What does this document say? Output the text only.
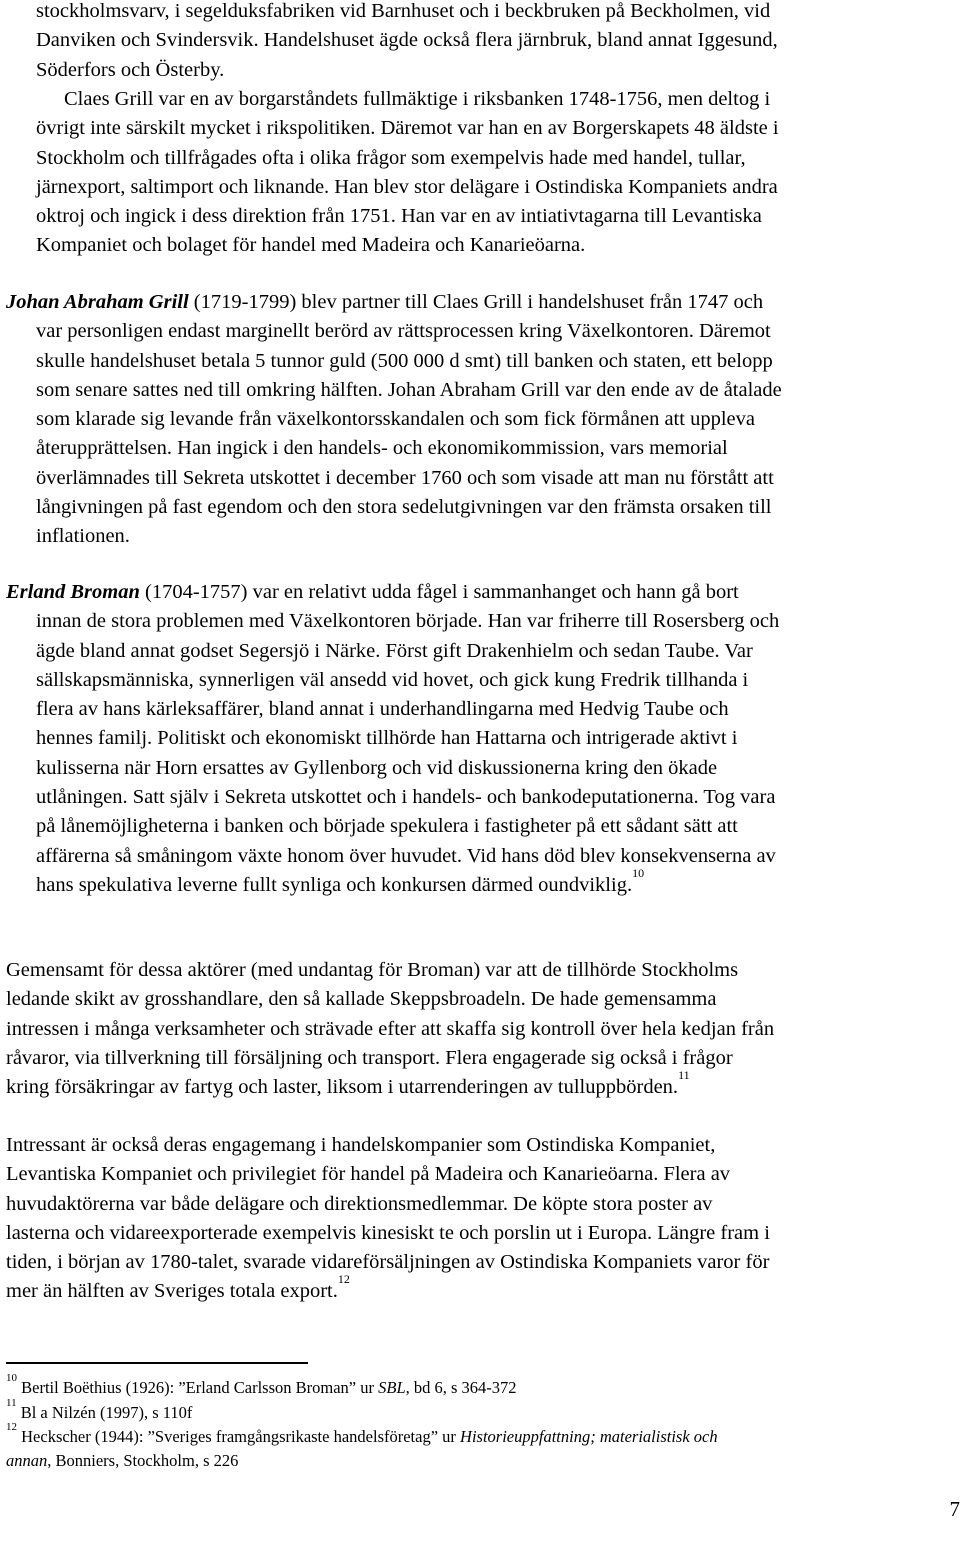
stockholmsvarv, i segelduksfabriken vid Barnhuset och i beckbruken på Beckholmen, vid
Danviken och Svindersvik. Handelshuset ägde också flera järnbruk, bland annat Iggesund,
Söderfors och Österby.
Claes Grill var en av borgarståndets fullmäktige i riksbanken 1748-1756, men deltog i
övrigt inte särskilt mycket i rikspolitiken. Däremot var han en av Borgerskapets 48 äldste i
Stockholm och tillfrågades ofta i olika frågor som exempelvis hade med handel, tullar,
järnexport, saltimport och liknande. Han blev stor delägare i Ostindiska Kompaniets andra
oktroj och ingick i dess direktion från 1751. Han var en av intiativtagarna till Levantiska
Kompaniet och bolaget för handel med Madeira och Kanarieöarna.
Johan Abraham Grill (1719-1799) blev partner till Claes Grill i handelshuset från 1747 och
var personligen endast marginellt berörd av rättsprocessen kring Växelkontoren. Däremot
skulle handelshuset betala 5 tunnor guld (500 000 d smt) till banken och staten, ett belopp
som senare sattes ned till omkring hälften. Johan Abraham Grill var den ende av de åtalade
som klarade sig levande från växelkontorsskandalen och som fick förmånen att uppleva
återupprättelsen. Han ingick i den handels- och ekonomikommission, vars memorial
överlämnades till Sekreta utskottet i december 1760 och som visade att man nu förstått att
långivningen på fast egendom och den stora sedelutgivningen var den främsta orsaken till
inflationen.
Erland Broman (1704-1757) var en relativt udda fågel i sammanhanget och hann gå bort
innan de stora problemen med Växelkontoren började. Han var friherre till Rosersberg och
ägde bland annat godset Segersjö i Närke. Först gift Drakenhielm och sedan Taube. Var
sällskapsmänniska, synnerligen väl ansedd vid hovet, och gick kung Fredrik tillhanda i
flera av hans kärleksaffärer, bland annat i underhandlingarna med Hedvig Taube och
hennes familj. Politiskt och ekonomiskt tillhörde han Hattarna och intrigerade aktivt i
kulisserna när Horn ersattes av Gyllenborg och vid diskussionerna kring den ökade
utlåningen. Satt själv i Sekreta utskottet och i handels- och bankodeputationerna. Tog vara
på lånemöjligheterna i banken och började spekulera i fastigheter på ett sådant sätt att
affärerna så småningom växte honom över huvudet. Vid hans död blev konsekvenserna av
hans spekulativa leverne fullt synliga och konkursen därmed oundviklig.$^{10}$
Gemensamt för dessa aktörer (med undantag för Broman) var att de tillhörde Stockholms
ledande skikt av grosshandlare, den så kallade Skeppsbroadeln. De hade gemensamma
intressen i många verksamheter och strävade efter att skaffa sig kontroll över hela kedjan från
råvaror, via tillverkning till försäljning och transport. Flera engagerade sig också i frågor
kring försäkringar av fartyg och laster, liksom i utarrenderingen av tulluppbörden.$^{11}$
Intressant är också deras engagemang i handelskompanier som Ostindiska Kompaniet,
Levantiska Kompaniet och privilegiet för handel på Madeira och Kanarieöarna. Flera av
huvudaktörerna var både delägare och direktionsmedlemmar. De köpte stora poster av
lasterna och vidareexporterade exempelvis kinesiskt te och porslin ut i Europa. Längre fram i
tiden, i början av 1780-talet, svarade vidareförsäljningen av Ostindiska Kompaniets varor för
mer än hälften av Sveriges totala export.$^{12}$
$^{10}$ Bertil Boëthius (1926): ”Erland Carlsson Broman” ur SBL, bd 6, s 364-372
$^{11}$ Bl a Nilzén (1997), s 110f
$^{12}$ Heckscher (1944): ”Sveriges framgångsrikaste handelsföretag” ur Historieuppfattning; materialistisk och
annan, Bonniers, Stockholm, s 226
7
